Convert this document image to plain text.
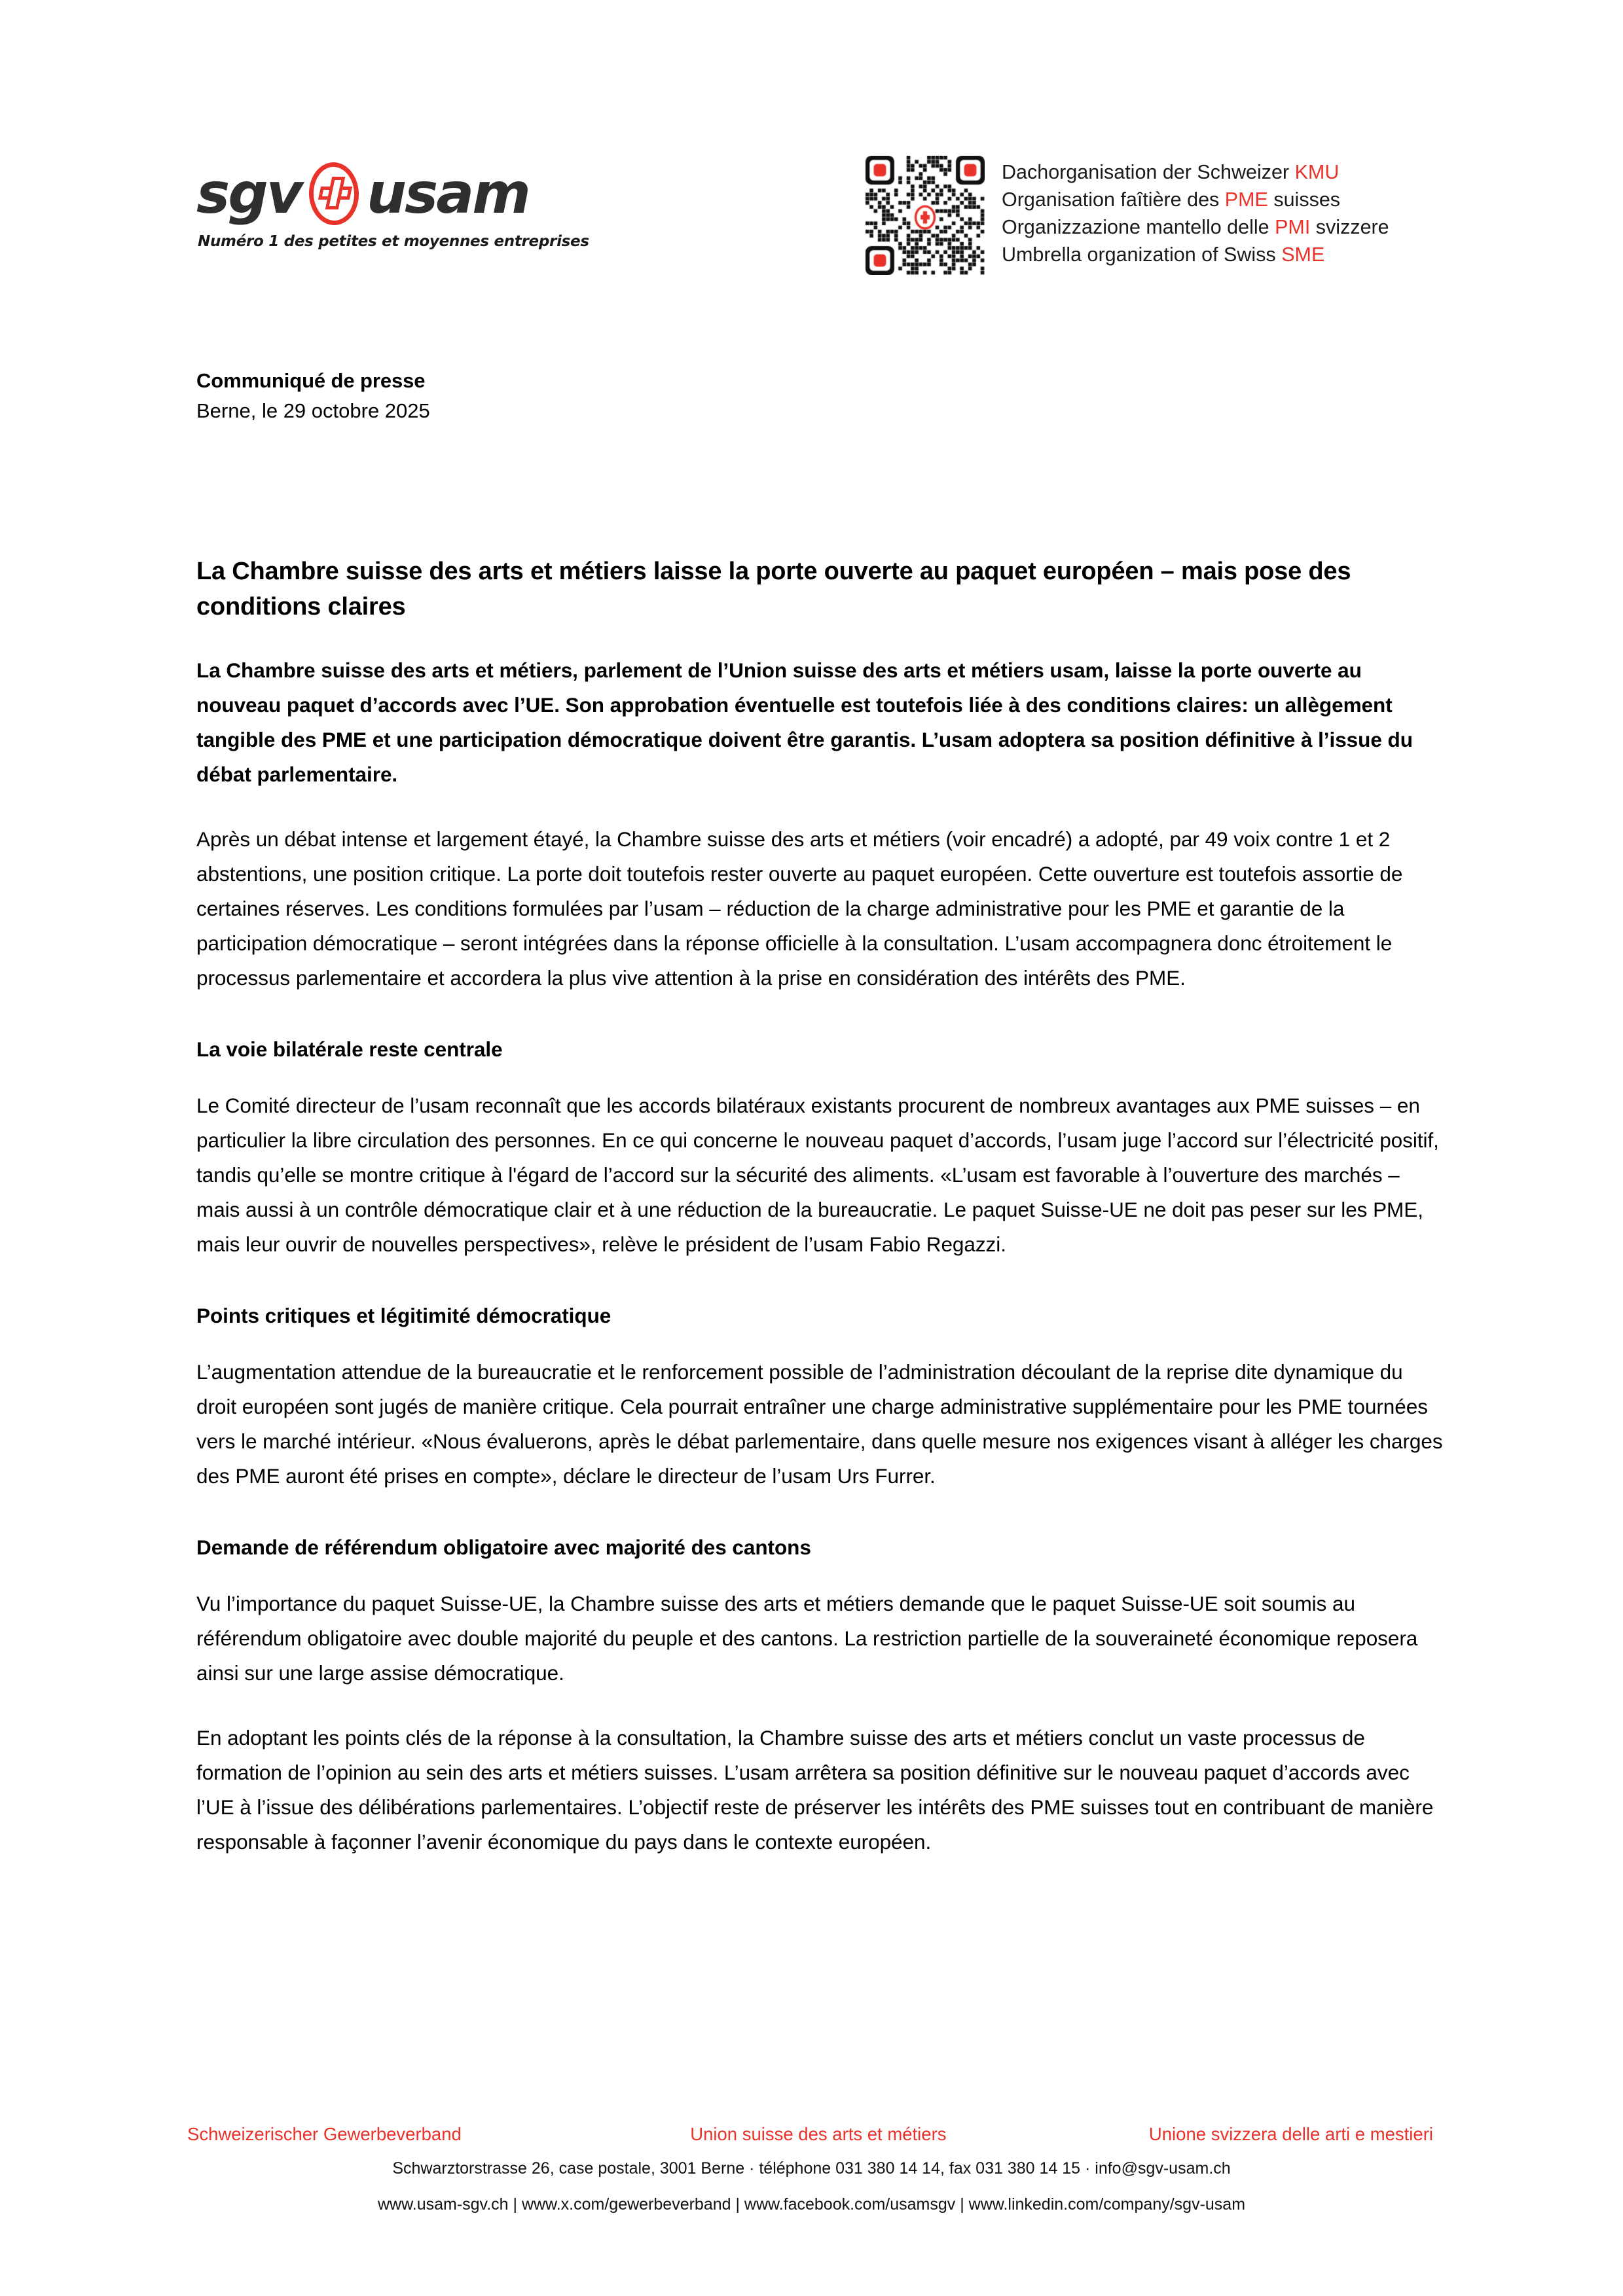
sgv usam
Numéro 1 des petites et moyennes entreprises
Dachorganisation der Schweizer KMU
Organisation faîtière des PME suisses
Organizzazione mantello delle PMI svizzere
Umbrella organization of Swiss SME
Communiqué de presse
Berne, le 29 octobre 2025
La Chambre suisse des arts et métiers laisse la porte ouverte au paquet européen – mais pose des conditions claires
La Chambre suisse des arts et métiers, parlement de l’Union suisse des arts et métiers usam, laisse la porte ouverte au nouveau paquet d’accords avec l’UE. Son approbation éventuelle est toutefois liée à des conditions claires: un allègement tangible des PME et une participation démocratique doivent être garantis. L’usam adoptera sa position définitive à l’issue du débat parlementaire.

Après un débat intense et largement étayé, la Chambre suisse des arts et métiers (voir encadré) a adopté, par 49 voix contre 1 et 2 abstentions, une position critique. La porte doit toutefois rester ouverte au paquet européen. Cette ouverture est toutefois assortie de certaines réserves. Les conditions formulées par l’usam – réduction de la charge administrative pour les PME et garantie de la participation démocratique – seront intégrées dans la réponse officielle à la consultation. L’usam accompagnera donc étroitement le processus parlementaire et accordera la plus vive attention à la prise en considération des intérêts des PME.

La voie bilatérale reste centrale

Le Comité directeur de l’usam reconnaît que les accords bilatéraux existants procurent de nombreux avantages aux PME suisses – en particulier la libre circulation des personnes. En ce qui concerne le nouveau paquet d’accords, l’usam juge l’accord sur l’électricité positif, tandis qu’elle se montre critique à l'égard de l’accord sur la sécurité des aliments. «L’usam est favorable à l’ouverture des marchés – mais aussi à un contrôle démocratique clair et à une réduction de la bureaucratie. Le paquet Suisse-UE ne doit pas peser sur les PME, mais leur ouvrir de nouvelles perspectives», relève le président de l’usam Fabio Regazzi.

Points critiques et légitimité démocratique

L’augmentation attendue de la bureaucratie et le renforcement possible de l’administration découlant de la reprise dite dynamique du droit européen sont jugés de manière critique. Cela pourrait entraîner une charge administrative supplémentaire pour les PME tournées vers le marché intérieur. «Nous évaluerons, après le débat parlementaire, dans quelle mesure nos exigences visant à alléger les charges des PME auront été prises en compte», déclare le directeur de l’usam Urs Furrer.

Demande de référendum obligatoire avec majorité des cantons

Vu l’importance du paquet Suisse-UE, la Chambre suisse des arts et métiers demande que le paquet Suisse-UE soit soumis au référendum obligatoire avec double majorité du peuple et des cantons. La restriction partielle de la souveraineté économique reposera ainsi sur une large assise démocratique.

En adoptant les points clés de la réponse à la consultation, la Chambre suisse des arts et métiers conclut un vaste processus de formation de l’opinion au sein des arts et métiers suisses. L’usam arrêtera sa position définitive sur le nouveau paquet d’accords avec l’UE à l’issue des délibérations parlementaires. L’objectif reste de préserver les intérêts des PME suisses tout en contribuant de manière responsable à façonner l’avenir économique du pays dans le contexte européen.

Schweizerischer Gewerbeverband	Union suisse des arts et métiers	Unione svizzera delle arti e mestieri
Schwarztorstrasse 26, case postale, 3001 Berne · téléphone 031 380 14 14, fax 031 380 14 15 · info@sgv-usam.ch
www.usam-sgv.ch | www.x.com/gewerbeverband | www.facebook.com/usamsgv | www.linkedin.com/company/sgv-usam
